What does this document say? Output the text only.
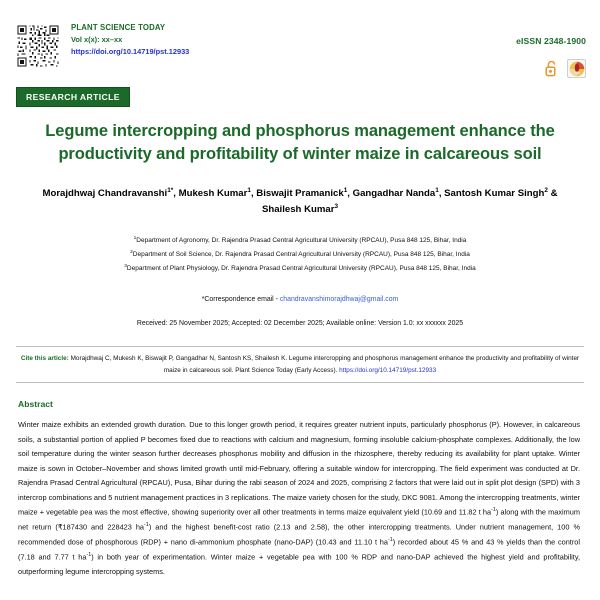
PLANT SCIENCE TODAY
Vol x(x): xx–xx
https://doi.org/10.14719/pst.12933
eISSN 2348-1900
RESEARCH ARTICLE
Legume intercropping and phosphorus management enhance the productivity and profitability of winter maize in calcareous soil
Morajdhwaj Chandravanshi$^{1*}$, Mukesh Kumar$^1$, Biswajit Pramanick$^1$, Gangadhar Nanda$^1$, Santosh Kumar Singh$^2$ & Shailesh Kumar$^3$
$^1$Department of Agronomy, Dr. Rajendra Prasad Central Agricultural University (RPCAU), Pusa 848 125, Bihar, India
$^2$Department of Soil Science, Dr. Rajendra Prasad Central Agricultural University (RPCAU), Pusa 848 125, Bihar, India
$^3$Department of Plant Physiology, Dr. Rajendra Prasad Central Agricultural University (RPCAU), Pusa 848 125, Bihar, India
*Correspondence email - chandravanshimorajdhwaj@gmail.com
Received: 25 November 2025; Accepted: 02 December 2025; Available online: Version 1.0: xx xxxxxx 2025
Cite this article: Morajdhwaj C, Mukesh K, Biswajit P, Gangadhar N, Santosh KS, Shailesh K. Legume intercropping and phosphorus management enhance the productivity and profitability of winter maize in calcareous soil. Plant Science Today (Early Access). https://doi.org/10.14719/pst.12933
Abstract
Winter maize exhibits an extended growth duration. Due to this longer growth period, it requires greater nutrient inputs, particularly phosphorus (P). However, in calcareous soils, a substantial portion of applied P becomes fixed due to reactions with calcium and magnesium, forming insoluble calcium-phosphate complexes. Additionally, the low soil temperature during the winter season further decreases phosphorus mobility and diffusion in the rhizosphere, thereby reducing its availability for plant uptake. Winter maize is sown in October–November and shows limited growth until mid-February, offering a suitable window for intercropping. The field experiment was conducted at Dr. Rajendra Prasad Central Agricultural (RPCAU), Pusa, Bihar during the rabi season of 2024 and 2025, comprising 2 factors that were laid out in split plot design (SPD) with 3 intercrop combinations and 5 nutrient management practices in 3 replications. The maize variety chosen for the study, DKC 9081. Among the intercropping treatments, winter maize + vegetable pea was the most effective, showing superiority over all other treatments in terms maize equivalent yield (10.69 and 11.82 t $ha^{-1}$) along with the maximum net return (₹187430 and 228423 $ha^{-1}$) and the highest benefit-cost ratio (2.13 and 2.58), the other intercropping treatments. Under nutrient management, 100 % recommended dose of phosphorous (RDP) + nano di-ammonium phosphate (nano-DAP) (10.43 and 11.10 t $ha^{-1}$) recorded about 45 % and 43 % yields than the control (7.18 and 7.77 t $ha^{-1}$) in both year of experimentation. Winter maize + vegetable pea with 100 % RDP and nano-DAP achieved the highest yield and profitability, outperforming legume intercropping systems.
